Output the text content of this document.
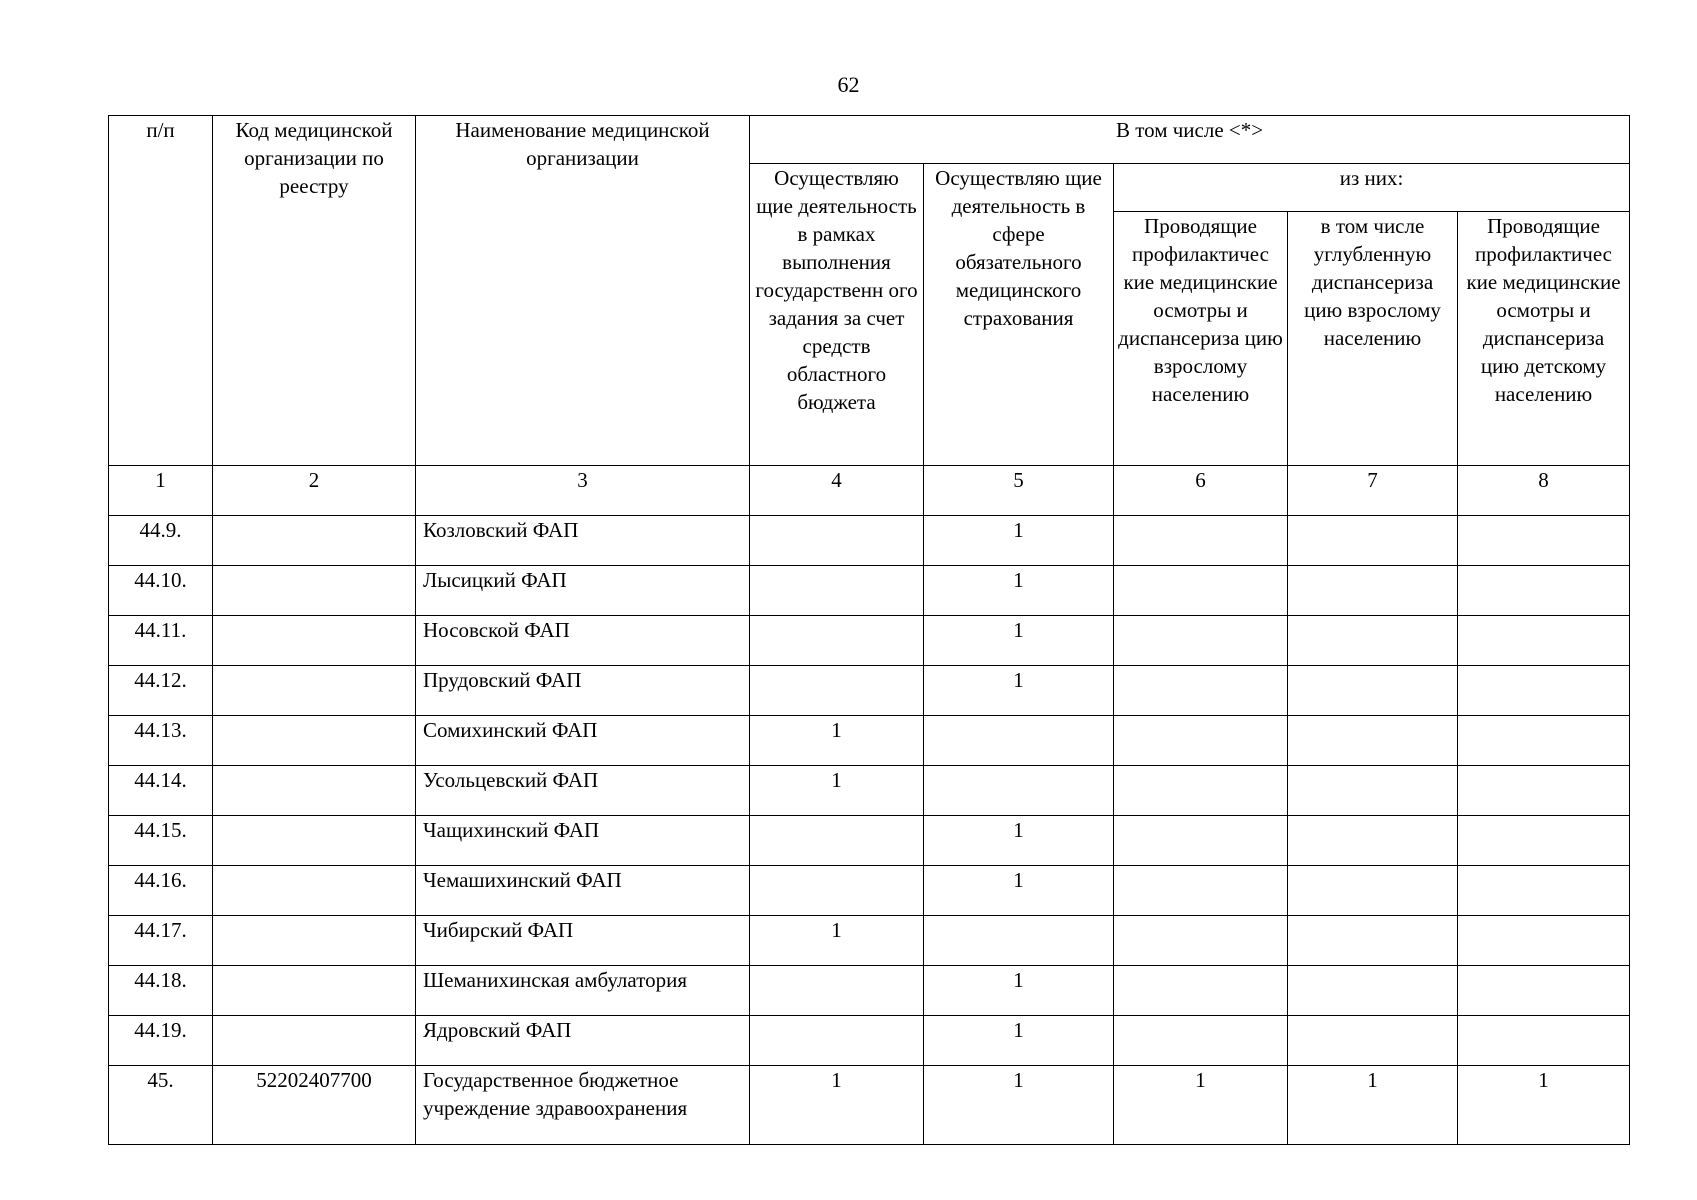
62
п/п	Код медицинской организации по реестру	Наименование медицинской организации	В том числе <*>				
			Осуществляю щие деятельность в рамках выполнения государственн ого задания за счет средств областного бюджета	Осуществляю щие деятельность в сфере обязательного медицинского страхования	из них:		
					Проводящие профилактичес кие медицинские осмотры и диспансериза цию взрослому населению	в том числе углубленную диспансериза цию взрослому населению	Проводящие профилактичес кие медицинские осмотры и диспансериза цию детскому населению
1	2	3	4	5	6	7	8
44.9.		Козловский ФАП		1			
44.10.		Лысицкий ФАП		1			
44.11.		Носовской ФАП		1			
44.12.		Прудовский ФАП		1			
44.13.		Сомихинский ФАП	1				
44.14.		Усольцевский ФАП	1				
44.15.		Чащихинский ФАП		1			
44.16.		Чемашихинский ФАП		1			
44.17.		Чибирский ФАП	1				
44.18.		Шеманихинская амбулатория		1			
44.19.		Ядровский ФАП		1			
45.	52202407700	Государственное бюджетное учреждение здравоохранения	1	1	1	1	1
